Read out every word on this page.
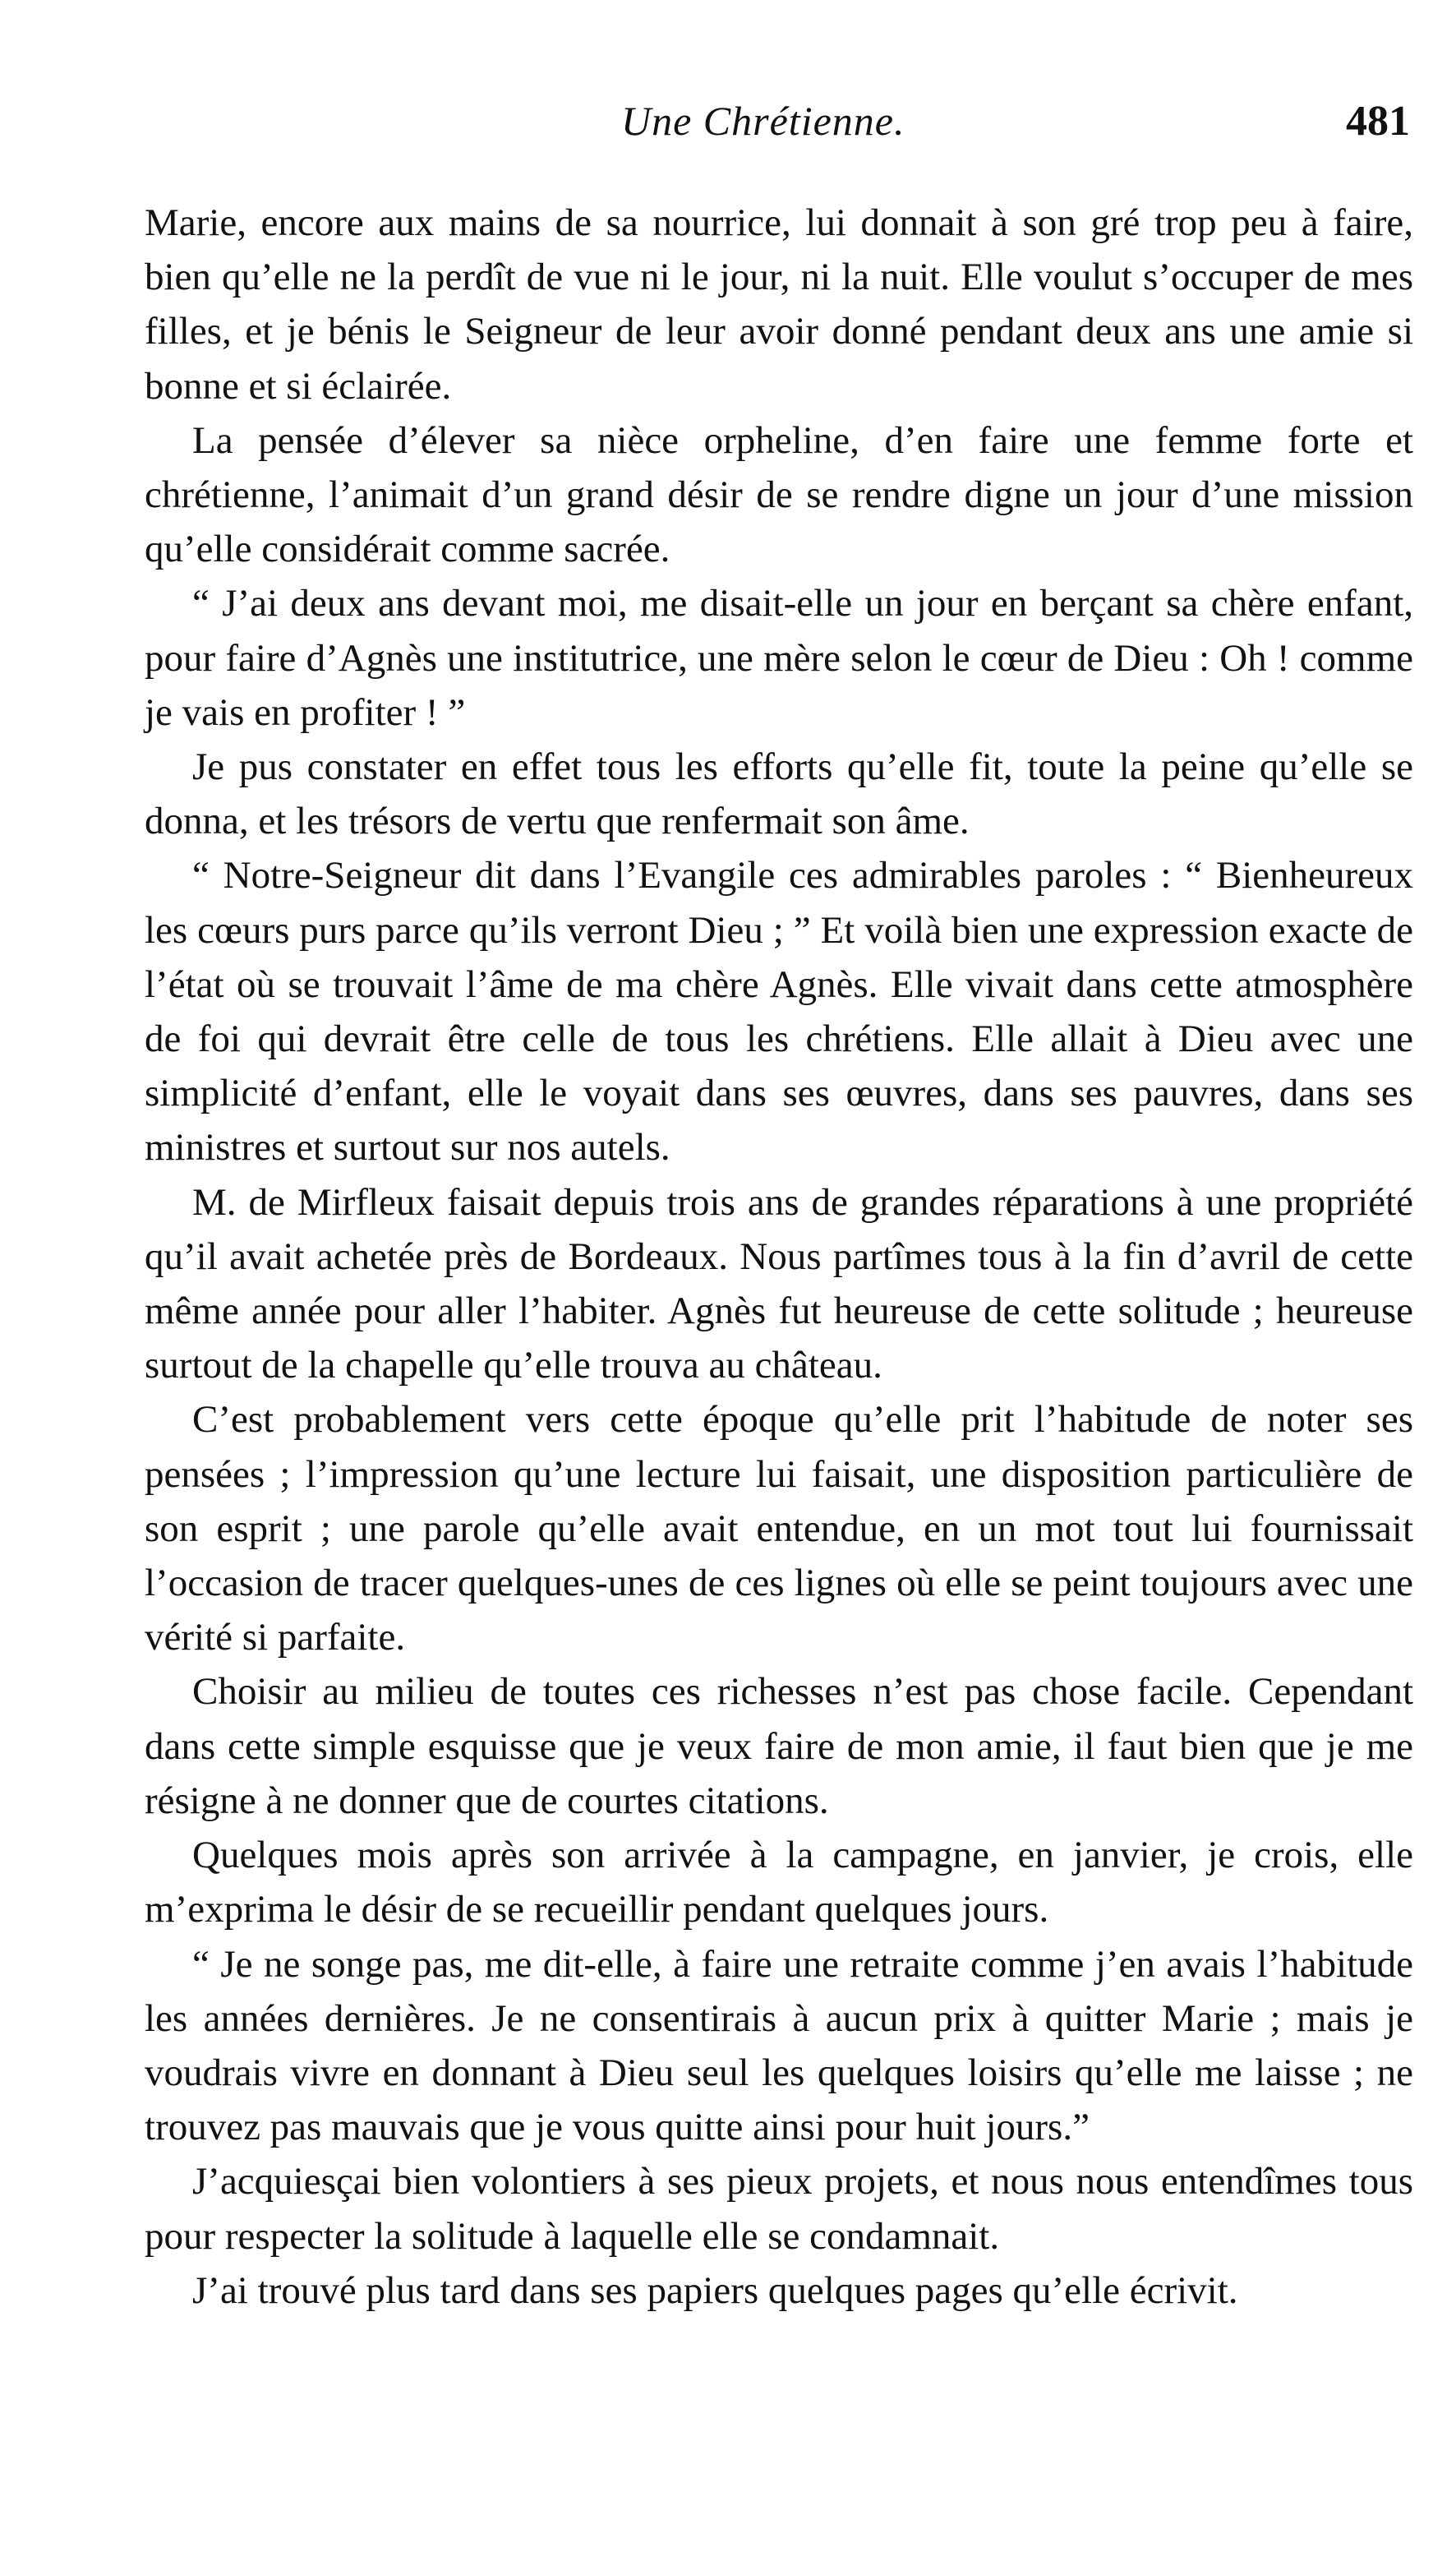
Une Chrétienne.	481

Marie, encore aux mains de sa nourrice, lui donnait à son gré trop peu à faire, bien qu’elle ne la perdît de vue ni le jour, ni la nuit. Elle voulut s’occuper de mes filles, et je bénis le Seigneur de leur avoir donné pendant deux ans une amie si bonne et si éclairée.

La pensée d’élever sa nièce orpheline, d’en faire une femme forte et chrétienne, l’animait d’un grand désir de se rendre digne un jour d’une mission qu’elle considérait comme sacrée.

“ J’ai deux ans devant moi, me disait-elle un jour en berçant sa chère enfant, pour faire d’Agnès une institutrice, une mère selon le cœur de Dieu : Oh ! comme je vais en profiter ! ”

Je pus constater en effet tous les efforts qu’elle fit, toute la peine qu’elle se donna, et les trésors de vertu que renfermait son âme.

“ Notre-Seigneur dit dans l’Evangile ces admirables paroles : “ Bienheureux les cœurs purs parce qu’ils verront Dieu ; ” Et voilà bien une expression exacte de l’état où se trouvait l’âme de ma chère Agnès. Elle vivait dans cette atmosphère de foi qui devrait être celle de tous les chrétiens. Elle allait à Dieu avec une simplicité d’enfant, elle le voyait dans ses œuvres, dans ses pauvres, dans ses ministres et surtout sur nos autels.

M. de Mirfleux faisait depuis trois ans de grandes réparations à une propriété qu’il avait achetée près de Bordeaux. Nous partîmes tous à la fin d’avril de cette même année pour aller l’habiter. Agnès fut heureuse de cette solitude ; heureuse surtout de la chapelle qu’elle trouva au château.

C’est probablement vers cette époque qu’elle prit l’habitude de noter ses pensées ; l’impression qu’une lecture lui faisait, une disposition particulière de son esprit ; une parole qu’elle avait entendue, en un mot tout lui fournissait l’occasion de tracer quelques-unes de ces lignes où elle se peint toujours avec une vérité si parfaite.

Choisir au milieu de toutes ces richesses n’est pas chose facile. Cependant dans cette simple esquisse que je veux faire de mon amie, il faut bien que je me résigne à ne donner que de courtes citations.

Quelques mois après son arrivée à la campagne, en janvier, je crois, elle m’exprima le désir de se recueillir pendant quelques jours.

“ Je ne songe pas, me dit-elle, à faire une retraite comme j’en avais l’habitude les années dernières. Je ne consentirais à aucun prix à quitter Marie ; mais je voudrais vivre en donnant à Dieu seul les quelques loisirs qu’elle me laisse ; ne trouvez pas mauvais que je vous quitte ainsi pour huit jours.”

J’acquiesçai bien volontiers à ses pieux projets, et nous nous entendîmes tous pour respecter la solitude à laquelle elle se condamnait.

J’ai trouvé plus tard dans ses papiers quelques pages qu’elle écrivit.
